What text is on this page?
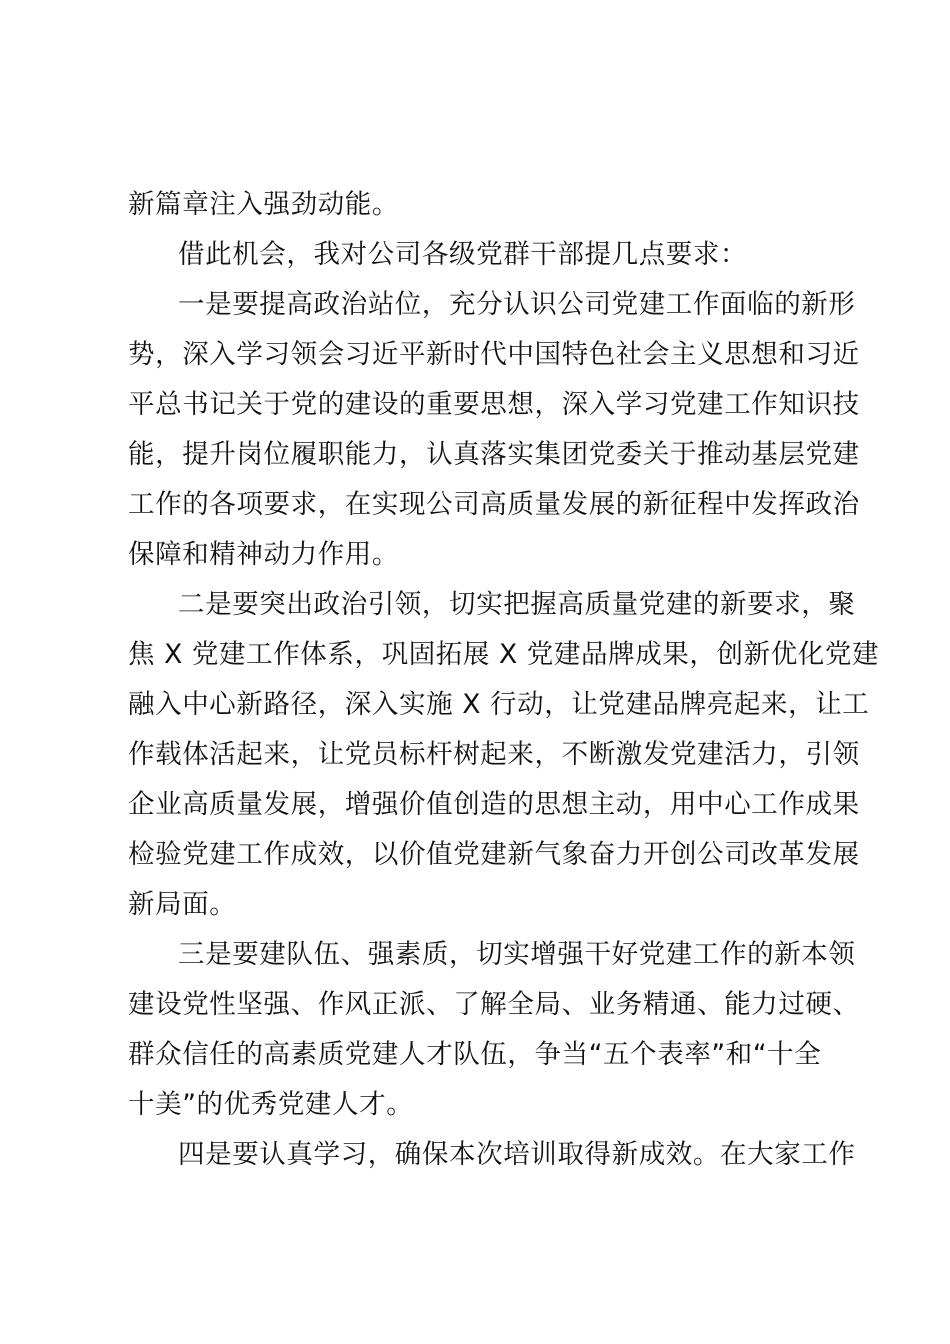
新篇章注入强劲动能。
借此机会，我对公司各级党群干部提几点要求：
一是要提高政治站位，充分认识公司党建工作面临的新形
势，深入学习领会习近平新时代中国特色社会主义思想和习近
平总书记关于党的建设的重要思想，深入学习党建工作知识技
能，提升岗位履职能力，认真落实集团党委关于推动基层党建
工作的各项要求，在实现公司高质量发展的新征程中发挥政治
保障和精神动力作用。
二是要突出政治引领，切实把握高质量党建的新要求，聚
焦 X 党建工作体系，巩固拓展 X 党建品牌成果，创新优化党建
融入中心新路径，深入实施 X 行动，让党建品牌亮起来，让工
作载体活起来，让党员标杆树起来，不断激发党建活力，引领
企业高质量发展，增强价值创造的思想主动，用中心工作成果
检验党建工作成效，以价值党建新气象奋力开创公司改革发展
新局面。
三是要建队伍、强素质，切实增强干好党建工作的新本领
建设党性坚强、作风正派、了解全局、业务精通、能力过硬、
群众信任的高素质党建人才队伍，争当“五个表率”和“十全
十美”的优秀党建人才。
四是要认真学习，确保本次培训取得新成效。在大家工作
